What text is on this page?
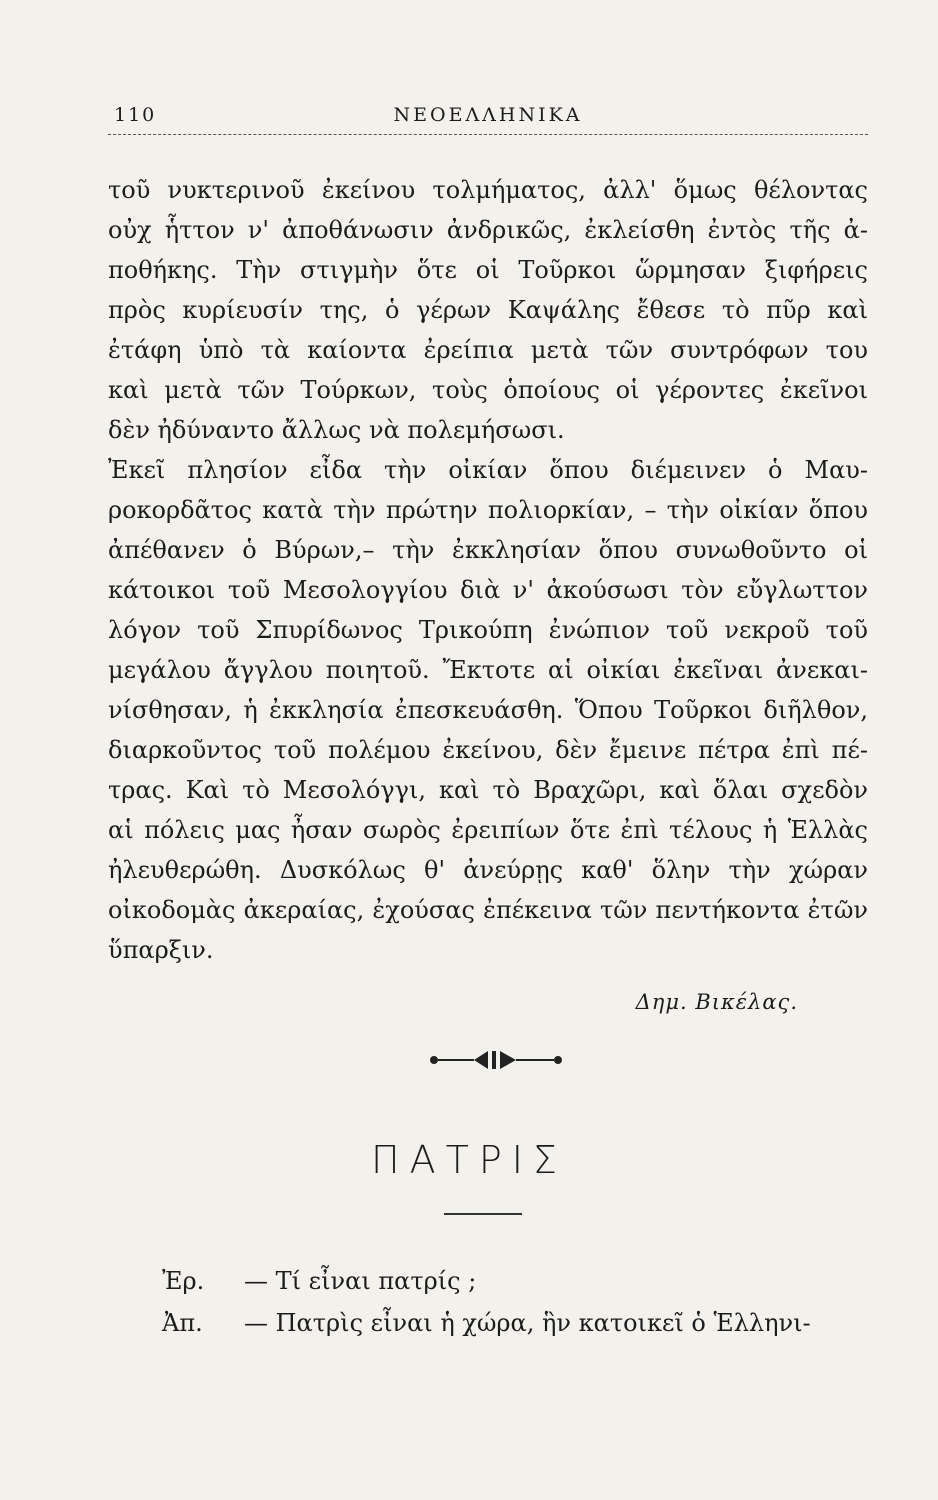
110	ΝΕΟΕΛΛΗΝΙΚΑ
τοῦ νυκτερινοῦ ἐκείνου τολμήματος, ἀλλ' ὅμως θέλοντας
οὐχ ἧττον ν' ἀποθάνωσιν ἀνδρικῶς, ἐκλείσθη ἐντὸς τῆς ἀ-
ποθήκης. Τὴν στιγμὴν ὅτε οἱ Τοῦρκοι ὥρμησαν ξιφήρεις
πρὸς κυρίευσίν της, ὁ γέρων Καψάλης ἔθεσε τὸ πῦρ καὶ
ἐτάφη ὑπὸ τὰ καίοντα ἐρείπια μετὰ τῶν συντρόφων του
καὶ μετὰ τῶν Τούρκων, τοὺς ὁποίους οἱ γέροντες ἐκεῖνοι
δὲν ἠδύναντο ἄλλως νὰ πολεμήσωσι.
Ἐκεῖ πλησίον εἶδα τὴν οἰκίαν ὅπου διέμεινεν ὁ Μαυ-
ροκορδᾶτος κατὰ τὴν πρώτην πολιορκίαν, – τὴν οἰκίαν ὅπου
ἀπέθανεν ὁ Βύρων,– τὴν ἐκκλησίαν ὅπου συνωθοῦντο οἱ
κάτοικοι τοῦ Μεσολογγίου διὰ ν' ἀκούσωσι τὸν εὔγλωττον
λόγον τοῦ Σπυρίδωνος Τρικούπη ἐνώπιον τοῦ νεκροῦ τοῦ
μεγάλου ἄγγλου ποιητοῦ. Ἔκτοτε αἱ οἰκίαι ἐκεῖναι ἀνεκαι-
νίσθησαν, ἡ ἐκκλησία ἐπεσκευάσθη. Ὅπου Τοῦρκοι διῆλθον,
διαρκοῦντος τοῦ πολέμου ἐκείνου, δὲν ἔμεινε πέτρα ἐπὶ πέ-
τρας. Καὶ τὸ Μεσολόγγι, καὶ τὸ Βραχῶρι, καὶ ὅλαι σχεδὸν
αἱ πόλεις μας ἦσαν σωρὸς ἐρειπίων ὅτε ἐπὶ τέλους ἡ Ἑλλὰς
ἠλευθερώθη. Δυσκόλως θ' ἀνεύρῃς καθ' ὅλην τὴν χώραν
οἰκοδομὰς ἀκεραίας, ἐχούσας ἐπέκεινα τῶν πεντήκοντα ἐτῶν
ὕπαρξιν.
Δημ. Βικέλας.
ΠΑΤΡΙΣ
Ἐρ. — Τί εἶναι πατρίς ;
Ἀπ. — Πατρὶς εἶναι ἡ χώρα, ἣν κατοικεῖ ὁ Ἑλληνι-
